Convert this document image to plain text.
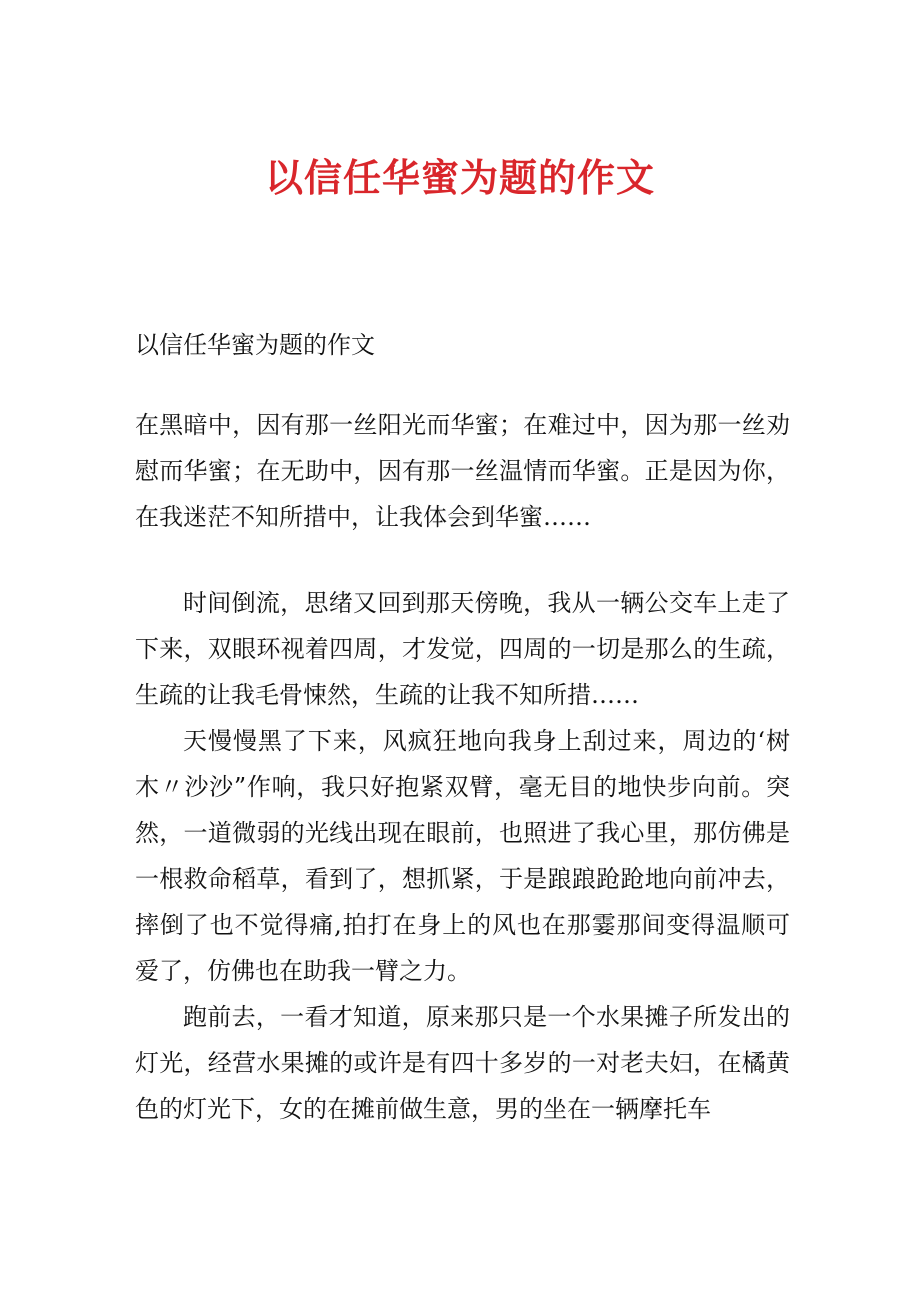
以信任华蜜为题的作文

以信任华蜜为题的作文

在黑暗中，因有那一丝阳光而华蜜；在难过中，因为那一丝劝慰而华蜜；在无助中，因有那一丝温情而华蜜。正是因为你，在我迷茫不知所措中，让我体会到华蜜……

时间倒流，思绪又回到那天傍晚，我从一辆公交车上走了下来，双眼环视着四周，才发觉，四周的一切是那么的生疏，生疏的让我毛骨悚然，生疏的让我不知所措……

天慢慢黑了下来，风疯狂地向我身上刮过来，周边的‘树木〃沙沙”作响，我只好抱紧双臂，毫无目的地快步向前。突然，一道微弱的光线出现在眼前，也照进了我心里，那仿佛是一根救命稻草，看到了，想抓紧，于是踉踉跄跄地向前冲去，摔倒了也不觉得痛,拍打在身上的风也在那霎那间变得温顺可爱了，仿佛也在助我一臂之力。

跑前去，一看才知道，原来那只是一个水果摊子所发出的灯光，经营水果摊的或许是有四十多岁的一对老夫妇，在橘黄色的灯光下，女的在摊前做生意，男的坐在一辆摩托车
